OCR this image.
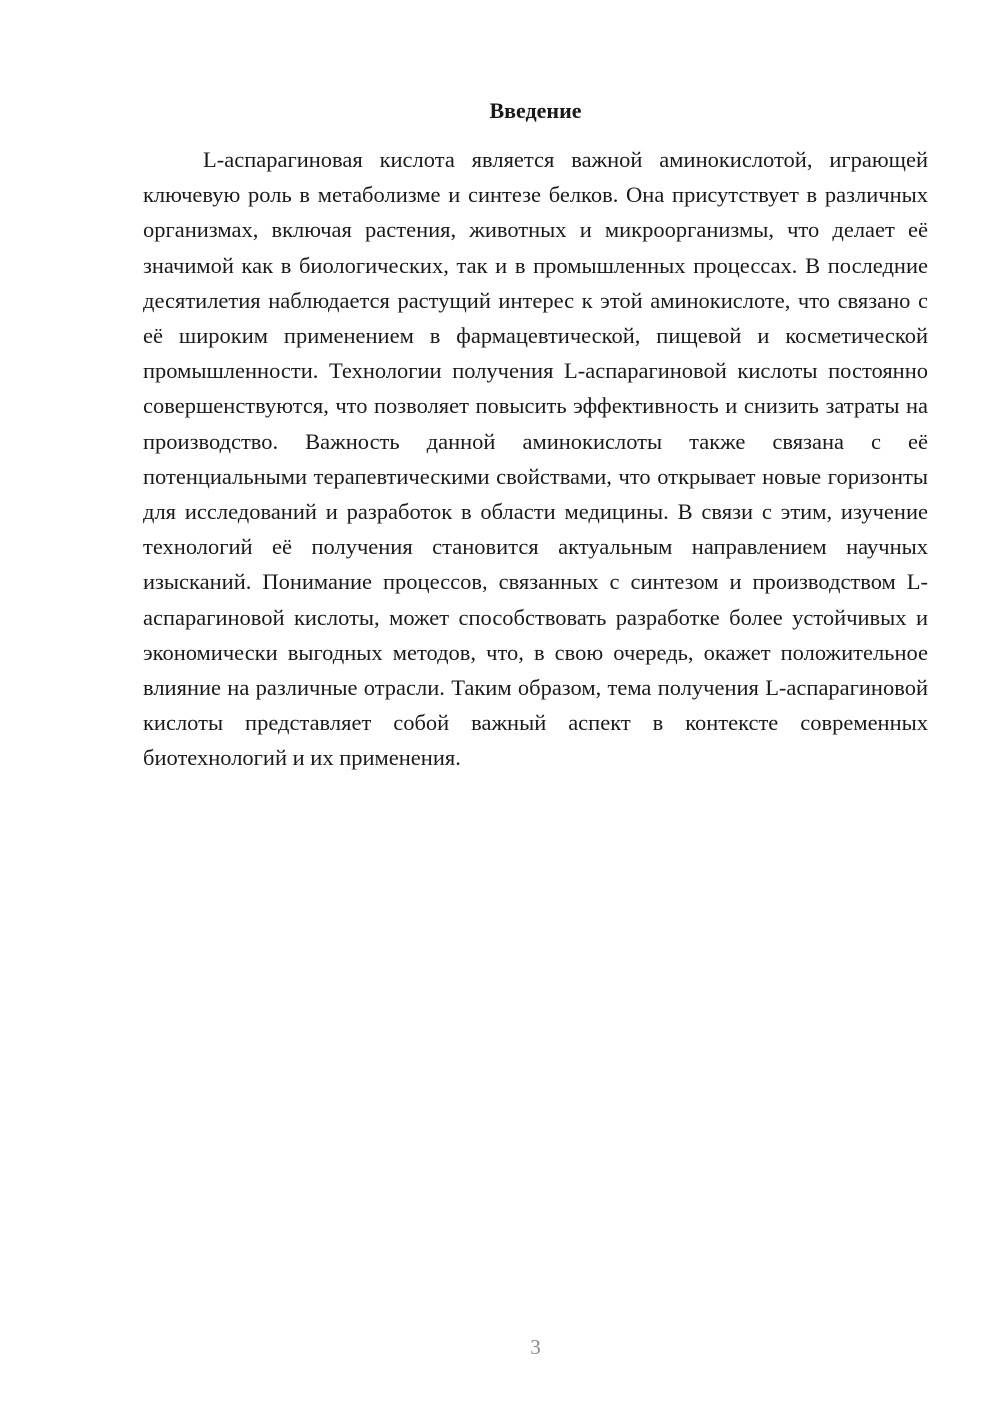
Введение

L-аспарагиновая кислота является важной аминокислотой, играющей ключевую роль в метаболизме и синтезе белков. Она присутствует в различных организмах, включая растения, животных и микроорганизмы, что делает её значимой как в биологических, так и в промышленных процессах. В последние десятилетия наблюдается растущий интерес к этой аминокислоте, что связано с её широким применением в фармацевтической, пищевой и косметической промышленности. Технологии получения L-аспарагиновой кислоты постоянно совершенствуются, что позволяет повысить эффективность и снизить затраты на производство. Важность данной аминокислоты также связана с её потенциальными терапевтическими свойствами, что открывает новые горизонты для исследований и разработок в области медицины. В связи с этим, изучение технологий её получения становится актуальным направлением научных изысканий. Понимание процессов, связанных с синтезом и производством L-аспарагиновой кислоты, может способствовать разработке более устойчивых и экономически выгодных методов, что, в свою очередь, окажет положительное влияние на различные отрасли. Таким образом, тема получения L-аспарагиновой кислоты представляет собой важный аспект в контексте современных биотехнологий и их применения.

3
